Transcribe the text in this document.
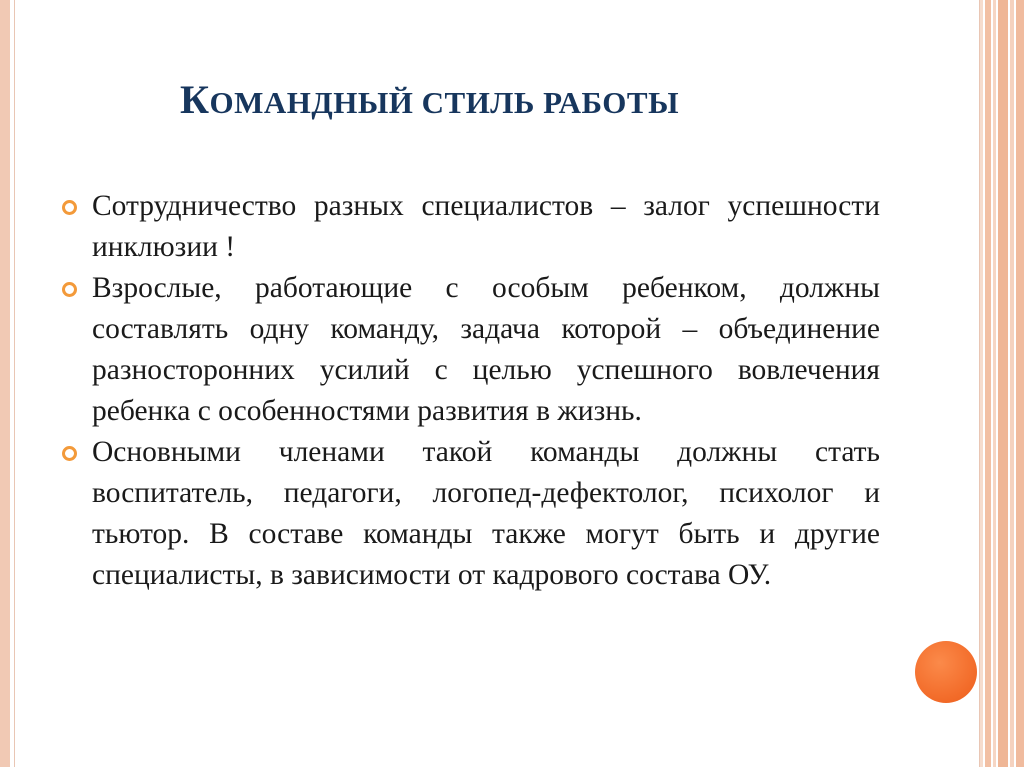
КОМАНДНЫЙ СТИЛЬ РАБОТЫ
Сотрудничество разных специалистов – залог успешности инклюзии !
Взрослые, работающие с особым ребенком, должны составлять одну команду, задача которой – объединение разносторонних усилий с целью успешного вовлечения ребенка с особенностями развития в жизнь.
Основными членами такой команды должны стать воспитатель, педагоги, логопед-дефектолог, психолог и тьютор. В составе команды также могут быть и другие специалисты, в зависимости от кадрового состава ОУ.
